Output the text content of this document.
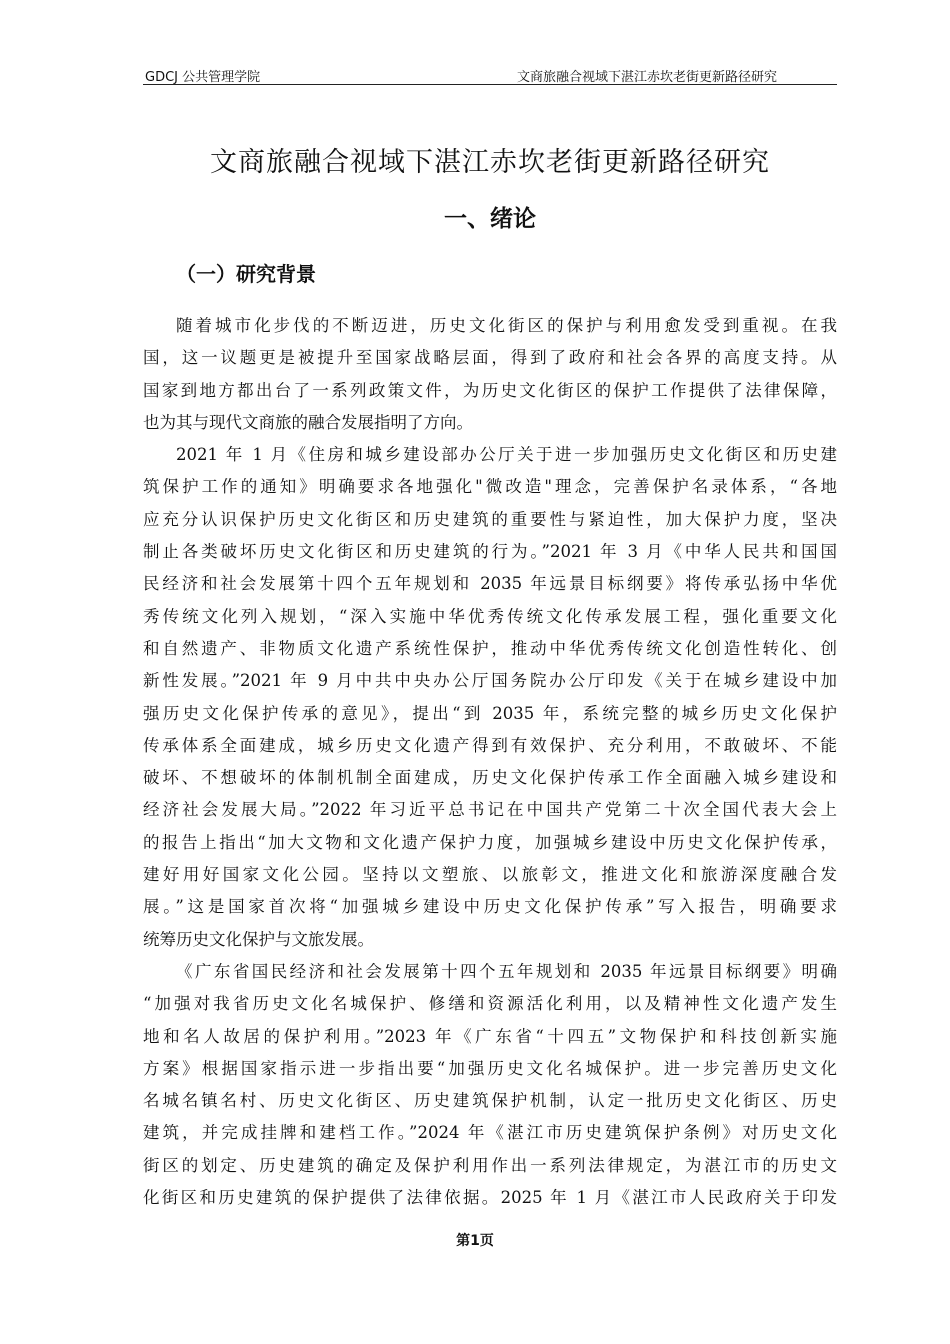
GDCJ 公共管理学院	文商旅融合视域下湛江赤坎老街更新路径研究
文商旅融合视域下湛江赤坎老街更新路径研究
一、绪论
（一）研究背景
随着城市化步伐的不断迈进，历史文化街区的保护与利用愈发受到重视。在我
国，这一议题更是被提升至国家战略层面，得到了政府和社会各界的高度支持。从
国家到地方都出台了一系列政策文件，为历史文化街区的保护工作提供了法律保障，
也为其与现代文商旅的融合发展指明了方向。
2021 年 1 月《住房和城乡建设部办公厅关于进一步加强历史文化街区和历史建
筑保护工作的通知》明确要求各地强化"微改造"理念，完善保护名录体系，“各地
应充分认识保护历史文化街区和历史建筑的重要性与紧迫性，加大保护力度，坚决
制止各类破坏历史文化街区和历史建筑的行为。”2021 年 3 月《中华人民共和国国
民经济和社会发展第十四个五年规划和 2035 年远景目标纲要》将传承弘扬中华优
秀传统文化列入规划，“深入实施中华优秀传统文化传承发展工程，强化重要文化
和自然遗产、非物质文化遗产系统性保护，推动中华优秀传统文化创造性转化、创
新性发展。”2021 年 9 月中共中央办公厅国务院办公厅印发《关于在城乡建设中加
强历史文化保护传承的意见》，提出“到 2035 年，系统完整的城乡历史文化保护
传承体系全面建成，城乡历史文化遗产得到有效保护、充分利用，不敢破坏、不能
破坏、不想破坏的体制机制全面建成，历史文化保护传承工作全面融入城乡建设和
经济社会发展大局。”2022 年习近平总书记在中国共产党第二十次全国代表大会上
的报告上指出“加大文物和文化遗产保护力度，加强城乡建设中历史文化保护传承，
建好用好国家文化公园。坚持以文塑旅、以旅彰文，推进文化和旅游深度融合发
展。”这是国家首次将“加强城乡建设中历史文化保护传承”写入报告，明确要求
统筹历史文化保护与文旅发展。
《广东省国民经济和社会发展第十四个五年规划和 2035 年远景目标纲要》明确
“加强对我省历史文化名城保护、修缮和资源活化利用，以及精神性文化遗产发生
地和名人故居的保护利用。”2023 年《广东省“十四五”文物保护和科技创新实施
方案》根据国家指示进一步指出要“加强历史文化名城保护。进一步完善历史文化
名城名镇名村、历史文化街区、历史建筑保护机制，认定一批历史文化街区、历史
建筑，并完成挂牌和建档工作。”2024 年《湛江市历史建筑保护条例》对历史文化
街区的划定、历史建筑的确定及保护利用作出一系列法律规定，为湛江市的历史文
化街区和历史建筑的保护提供了法律依据。2025 年 1 月《湛江市人民政府关于印发
第1页
